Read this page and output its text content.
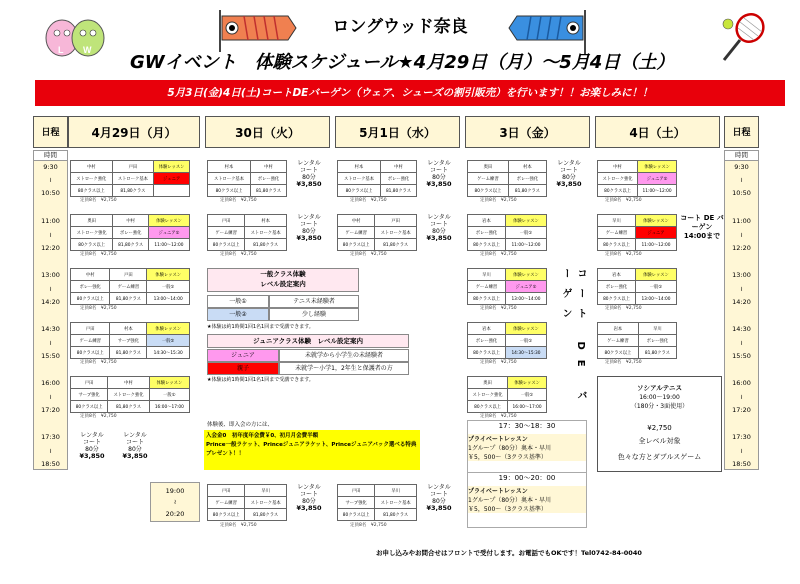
L W
ロングウッド奈良
GWイベント　体験スケジュール★4月29日（月）～5月4日（土）
5月3日(金)4日(土)コートDEバーゲン（ウェア、シューズの割引販売）を行います！！お楽しみに！！
日程	4月29日（月）	30日（火）	5月1日（水）	3日（金）	4日（土）	日程
時間
9:30
≀
10:50
11:00
≀
12:20
13:00
≀
14:20
14:30
≀
15:50
16:00
≀
17:20
17:30
≀
18:50
時間
9:30
≀
10:50
11:00
≀
12:20
13:00
≀
14:20
14:30
≀
15:50
16:00
≀
17:20
17:30
≀
18:50
19:00
≀
20:20
中村	戸田	体験レッスン
ストローク強化	ストローク基本	ジュニア
80クラス以上	81,80クラス	
定員8名　¥2,750
奥田	中村	体験レッスン
ストローク強化	ボレー強化	ジュニア①
80クラス以上	81,80クラス	11:00～12:00
定員8名　¥2,750
中村	戸田	体験レッスン
ボレー強化	ゲーム練習	一般①
80クラス以上	81,80クラス	13:00～14:00
定員8名　¥2,750
戸田	村本	体験レッスン
ゲーム練習	サーブ強化	一般②
80クラス以上	81,80クラス	14:30～15:30
定員8名　¥2,750
戸田	中村	体験レッスン
サーブ強化	ストローク強化	一般①
80クラス以上	81,80クラス	16:00～17:00
定員8名　¥2,750
レンタル
コート
80分
¥3,850
レンタル
コート
80分
¥3,850
村本	中村
ストローク基本	ボレー強化
80クラス以上	81,80クラス
レンタル
コート
80分
¥3,850
定員8名　¥2,750
戸田	村本
ゲーム練習	ストローク基本
80クラス以上	81,80クラス
レンタル
コート
80分
¥3,850
定員8名　¥2,750
一般クラス体験
レベル設定案内
一般①	テニス未経験者
一般②	少し経験
★体験は約1時間1回1名1回まで受講できます。
ジュニアクラス体験　レベル設定案内
ジュニア	未就学から小学生の未経験者
親子	未就学～小学1，2年生と保護者の方
★体験は約1時間1回1名1回まで受講できます。
体験後、即入会の方には、
入会金0　初年度年会費￥0、初月月会費半額
Prince一般ラケット、Princeジュニアラケット、Princeジュニアバック選べる特典
プレゼント！！
村本	中村
ストローク基本	ボレー強化
80クラス以上	81,80クラス
レンタル
コート
80分
¥3,850
定員8名　¥2,750
中村	戸田
ゲーム練習	ストローク基本
80クラス以上	81,80クラス
レンタル
コート
80分
¥3,850
定員8名　¥2,750
戸田	早川
ゲーム練習	ストローク基本
80クラス以上	81,80クラス
レンタル
コート
80分
¥3,850
定員8名　¥2,750
戸田	早川
サーブ強化	ストローク基本
80クラス以上	81,80クラス
レンタル
コート
80分
¥3,850
定員8名　¥2,750
奥田	村本
ゲーム練習	ボレー強化
80クラス以上	81,80クラス
レンタル
コート
80分
¥3,850
定員8名　¥2,750
岩本	体験レッスン
ボレー強化	一般①
80クラス以上	11:00～12:00
定員8名　¥2,750
早川	体験レッスン
ゲーム練習	ジュニア①
80クラス以上	13:00～14:00
定員8名　¥2,750
岩本	体験レッスン
ボレー強化	一般①
80クラス以上	14:30～15:30
定員8名　¥2,750
奥田	体験レッスン
ストローク強化	一般①
80クラス以上	16:00～17:00
定員8名　¥2,750
コート DE バーゲン
17：30～18：30
プライベートレッスン
1グループ（80分）奥本・早川
￥5，500～（3クラス基準）
19：00～20：00
プライベートレッスン
1グループ（80分）奥本・早川
￥5，500～（3クラス基準）
中村	体験レッスン
ストローク強化	ジュニア①
80クラス以上	11:00～12:00
定員8名　¥2,750
早川	体験レッスン
ゲーム練習	ジュニア
80クラス以上	11:00～12:00
定員8名　¥2,750
コート DE バーゲン 14:00まで
岩本	体験レッスン
ボレー強化	一般①
80クラス以上	13:00～14:00
定員8名　¥2,750
岩本	早川
ゲーム練習	ボレー強化
80クラス以上	81,80クラス
定員8名　¥2,750
ソシアルテニス
16:00～19:00
（180分・3面使用）
¥2,750
全レベル対象
色々な方とダブルスゲーム
お申し込みやお問合せはフロントで受付します。お電話でもOKです！Tel0742-84-0040
